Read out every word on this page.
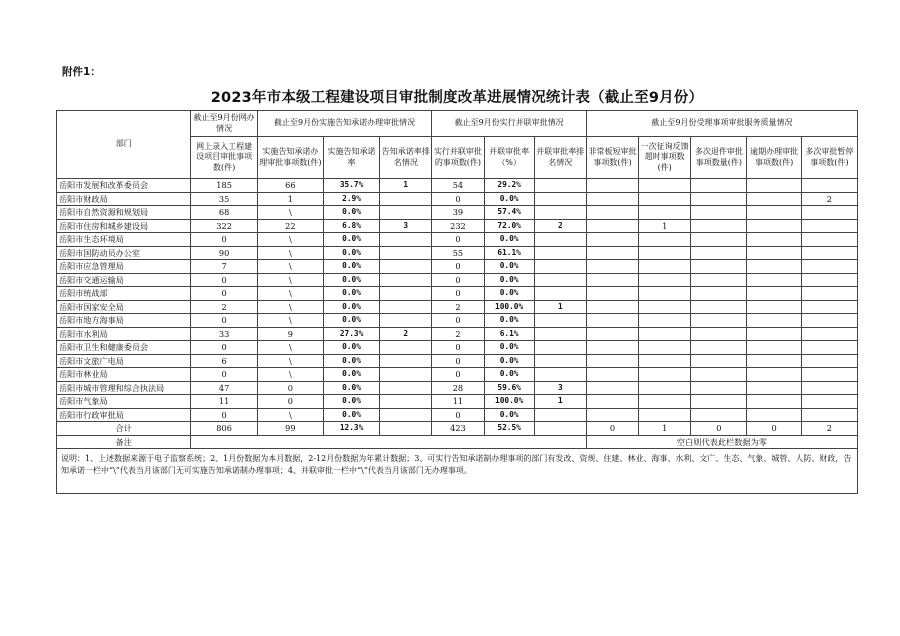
附件1：
2023年市本级工程建设项目审批制度改革进展情况统计表（截止至9月份）
部门	截止至9月份网办情况	截止至9月份实施告知承诺办理审批情况			截止至9月份实行并联审批情况			截止至9月份受理事项审批服务质量情况				
	网上录入工程建设项目审批事项数(件)	实施告知承诺办理审批事项数(件)	实施告知承诺率	告知承诺率排名情况	实行并联审批的事项数(件)	并联审批率（%）	并联审批率排名情况	非常板短审批事项数(件)	一次征询反馈超时事项数(件)	多次退件审批事项数量(件)	逾期办理审批事项数(件)	多次审批暂停事项数(件)
岳阳市发展和改革委员会	185	66	35.7%	1	54	29.2%						
岳阳市财政局	35	1	2.9%		0	0.0%						2
岳阳市自然资源和规划局	68	\	0.0%		39	57.4%						
岳阳市住房和城乡建设局	322	22	6.8%	3	232	72.0%	2		1			
岳阳市生态环境局	0	\	0.0%		0	0.0%						
岳阳市国防动员办公室	90	\	0.0%		55	61.1%						
岳阳市应急管理局	7	\	0.0%		0	0.0%						
岳阳市交通运输局	0	\	0.0%		0	0.0%						
岳阳市统战部	0	\	0.0%		0	0.0%						
岳阳市国家安全局	2	\	0.0%		2	100.0%	1					
岳阳市地方海事局	0	\	0.0%		0	0.0%						
岳阳市水利局	33	9	27.3%	2	2	6.1%						
岳阳市卫生和健康委员会	0	\	0.0%		0	0.0%						
岳阳市文旅广电局	6	\	0.0%		0	0.0%						
岳阳市林业局	0	\	0.0%		0	0.0%						
岳阳市城市管理和综合执法局	47	0	0.0%		28	59.6%	3					
岳阳市气象局	11	0	0.0%		11	100.0%	1					
岳阳市行政审批局	0	\	0.0%		0	0.0%						
合计	806	99	12.3%		423	52.5%		0	1	0	0	2
备注								空白则代表此栏数据为零				
说明：1、上述数据来源于电子监察系统；2、1月份数据为本月数据，2-12月份数据为年累计数据；3、可实行告知承诺制办理事项的部门有发改、资规、住建、林业、海事、水利、文广、生态、气象、城管、人防、财政，告知承诺一栏中“\”代表当月该部门无可实施告知承诺制办理事项；4、并联审批一栏中“\”代表当月该部门无办理事项。												
